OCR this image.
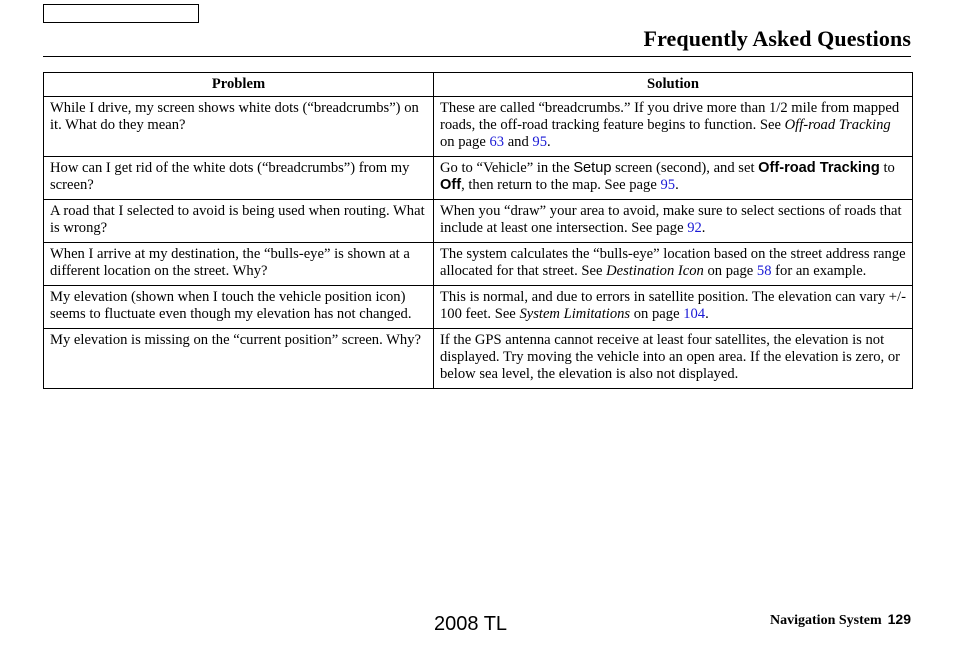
Frequently Asked Questions
Problem	Solution
While I drive, my screen shows white dots (“breadcrumbs”) on it. What do they mean?	These are called “breadcrumbs.” If you drive more than 1/2 mile from mapped roads, the off-road tracking feature begins to function. See Off-road Tracking on page 63 and 95.
How can I get rid of the white dots (“breadcrumbs”) from my screen?	Go to “Vehicle” in the Setup screen (second), and set Off-road Tracking to Off, then return to the map. See page 95.
A road that I selected to avoid is being used when routing. What is wrong?	When you “draw” your area to avoid, make sure to select sections of roads that include at least one intersection. See page 92.
When I arrive at my destination, the “bulls-eye” is shown at a different location on the street. Why?	The system calculates the “bulls-eye” location based on the street address range allocated for that street. See Destination Icon on page 58 for an example.
My elevation (shown when I touch the vehicle position icon) seems to fluctuate even though my elevation has not changed.	This is normal, and due to errors in satellite position. The elevation can vary +/- 100 feet. See System Limitations on page 104.
My elevation is missing on the “current position” screen. Why?	If the GPS antenna cannot receive at least four satellites, the elevation is not displayed. Try moving the vehicle into an open area. If the elevation is zero, or below sea level, the elevation is also not displayed.
Navigation System 129
2008 TL
